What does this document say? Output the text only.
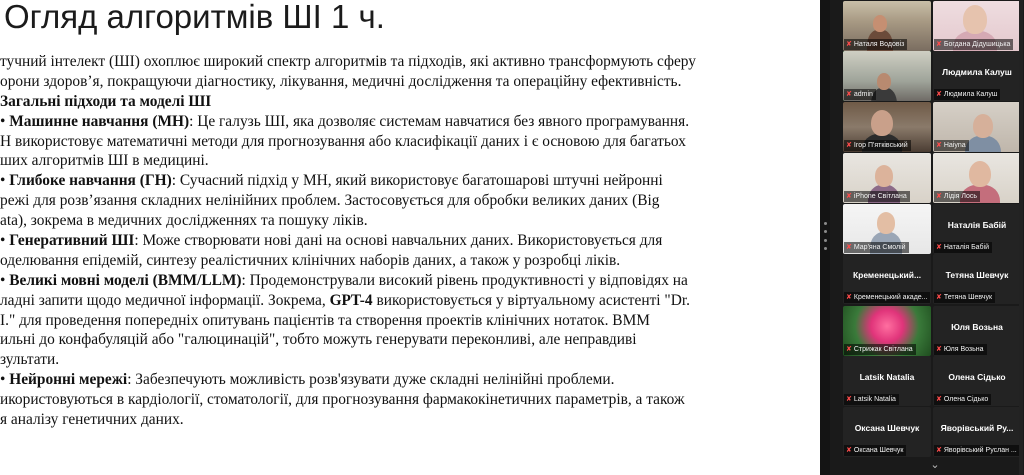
Огляд алгоритмів ШІ 1 ч.
тучний інтелект (ШІ) охоплює широкий спектр алгоритмів та підходів, які активно трансформують сферу
орони здоров’я, покращуючи діагностику, лікування, медичні дослідження та операційну ефективність.
Загальні підходи та моделі ШІ
• Машинне навчання (МН): Це галузь ШІ, яка дозволяє системам навчатися без явного програмування.
Н використовує математичні методи для прогнозування або класифікації даних і є основою для багатьох
ших алгоритмів ШІ в медицині.
• Глибоке навчання (ГН): Сучасний підхід у МН, який використовує багатошарові штучні нейронні
режі для розв’язання складних нелінійних проблем. Застосовується для обробки великих даних (Big
ata), зокрема в медичних дослідженнях та пошуку ліків.
• Генеративний ШІ: Може створювати нові дані на основі навчальних даних. Використовується для
оделювання епідемій, синтезу реалістичних клінічних наборів даних, а також у розробці ліків.
• Великі мовні моделі (ВММ/LLM): Продемонстрували високий рівень продуктивності у відповідях на
ладні запити щодо медичної інформації. Зокрема, GPT-4 використовується у віртуальному асистенті "Dr.
I." для проведення попередніх опитувань пацієнтів та створення проектів клінічних нотаток. ВММ
ильні до конфабуляцій або "галюцинацій", тобто можуть генерувати переконливі, але неправдиві
зультати.
• Нейронні мережі: Забезпечують можливість розв'язувати дуже складні нелінійні проблеми.
икористовуються в кардіології, стоматології, для прогнозування фармакокінетичних параметрів, а також
я аналізу генетичних даних.
✘ Наталя Водовіз	✘ Богдана Дідушицька
✘ admin
Людмила Калуш
✘ Людмила Калуш
✘ Ігор П'ятківський	✘ Haiyna
✘ iPhone Світлана	✘ Лідія Лось
✘ Мар'яна Смолій
Наталія Бабій
✘ Наталія Бабій
Кременецький...
✘ Кременецький акаде...
Тетяна Шевчук
✘ Тетяна Шевчук
✘ Стрижак Світлана
Юля Возьна
✘ Юля Возьна
Latsik Natalia
✘ Latsik Natalia
Олена Сідько
✘ Олена Сідько
Оксана Шевчук
✘ Оксана Шевчук
Яворівський Ру...
✘ Яворівський Руслан ...
⌄
